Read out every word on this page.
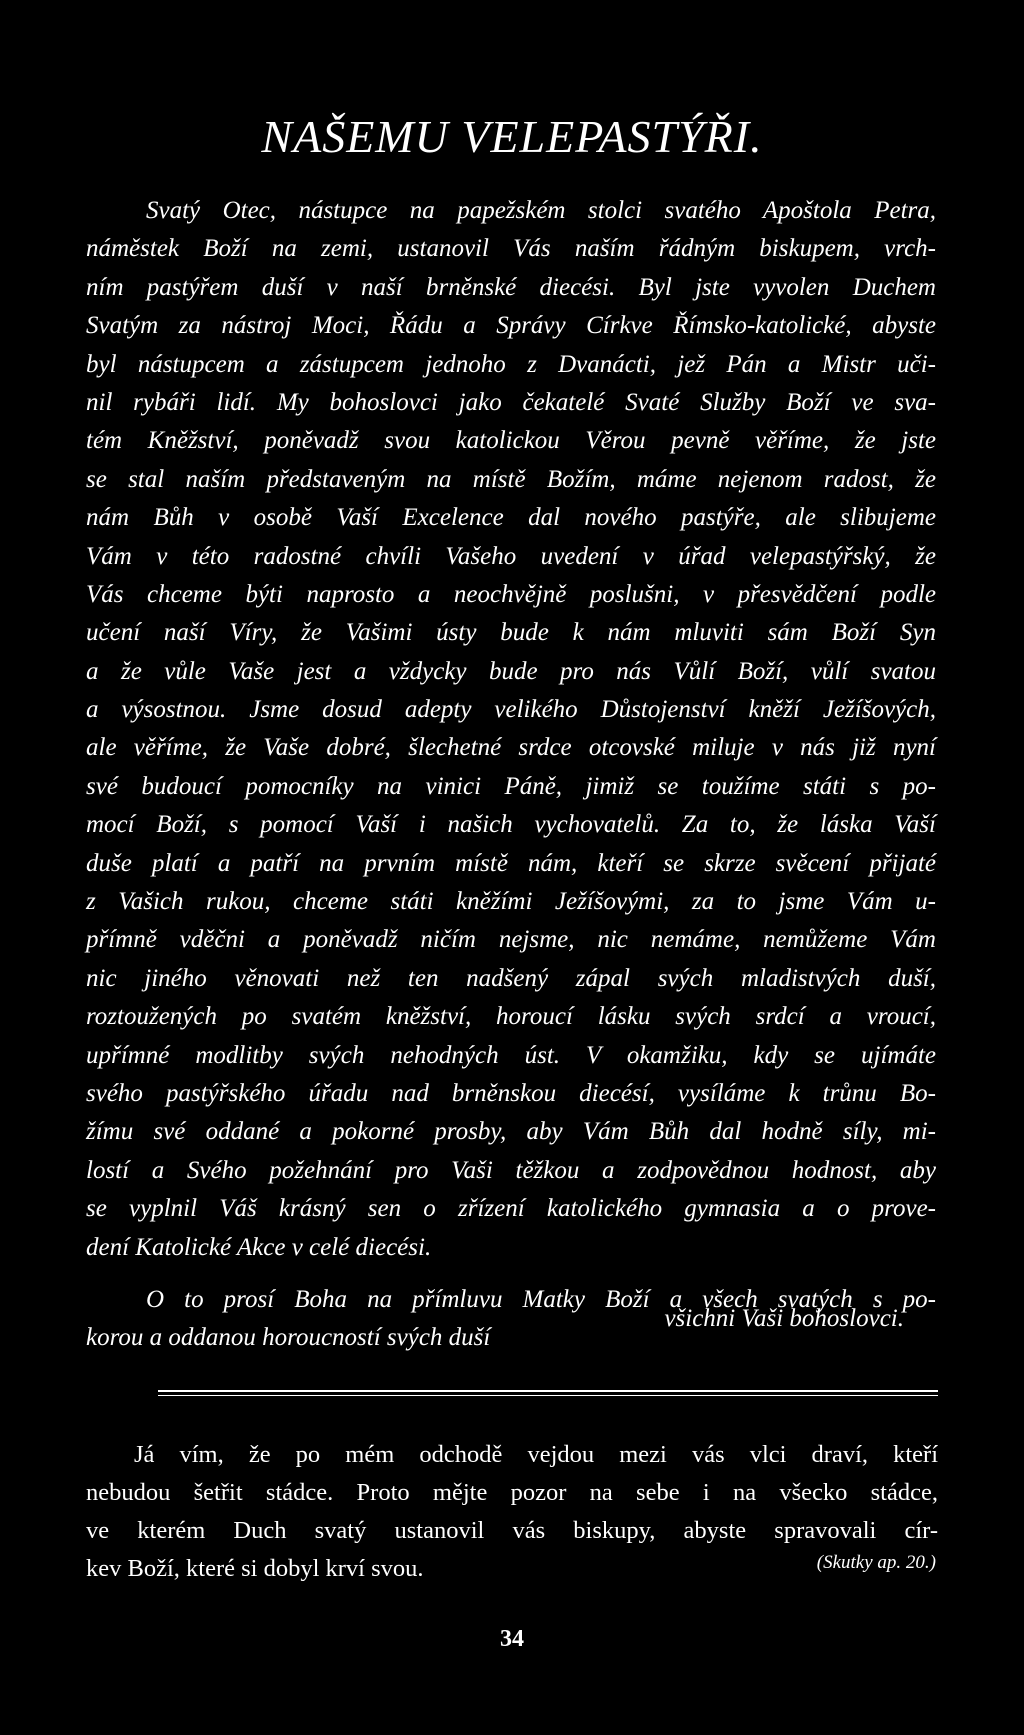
NAŠEMU VELEPASTÝŘI.
Svatý Otec, nástupce na papežském stolci svatého Apoštola Petra,
náměstek Boží na zemi, ustanovil Vás naším řádným biskupem, vrch-
ním pastýřem duší v naší brněnské diecési. Byl jste vyvolen Duchem
Svatým za nástroj Moci, Řádu a Správy Církve Římsko-katolické, abyste
byl nástupcem a zástupcem jednoho z Dvanácti, jež Pán a Mistr uči-
nil rybáři lidí. My bohoslovci jako čekatelé Svaté Služby Boží ve sva-
tém Kněžství, poněvadž svou katolickou Věrou pevně věříme, že jste
se stal naším představeným na místě Božím, máme nejenom radost, že
nám Bůh v osobě Vaší Excelence dal nového pastýře, ale slibujeme
Vám v této radostné chvíli Vašeho uvedení v úřad velepastýřský, že
Vás chceme býti naprosto a neochvějně poslušni, v přesvědčení podle
učení naší Víry, že Vašimi ústy bude k nám mluviti sám Boží Syn
a že vůle Vaše jest a vždycky bude pro nás Vůlí Boží, vůlí svatou
a výsostnou. Jsme dosud adepty velikého Důstojenství kněží Ježíšových,
ale věříme, že Vaše dobré, šlechetné srdce otcovské miluje v nás již nyní
své budoucí pomocníky na vinici Páně, jimiž se toužíme státi s po-
mocí Boží, s pomocí Vaší i našich vychovatelů. Za to, že láska Vaší
duše platí a patří na prvním místě nám, kteří se skrze svěcení přijaté
z Vašich rukou, chceme státi kněžími Ježíšovými, za to jsme Vám u-
přímně vděčni a poněvadž ničím nejsme, nic nemáme, nemůžeme Vám
nic jiného věnovati než ten nadšený zápal svých mladistvých duší,
roztoužených po svatém kněžství, horoucí lásku svých srdcí a vroucí,
upřímné modlitby svých nehodných úst. V okamžiku, kdy se ujímáte
svého pastýřského úřadu nad brněnskou diecésí, vysíláme k trůnu Bo-
žímu své oddané a pokorné prosby, aby Vám Bůh dal hodně síly, mi-
lostí a Svého požehnání pro Vaši těžkou a zodpovědnou hodnost, aby
se vyplnil Váš krásný sen o zřízení katolického gymnasia a o prove-
dení Katolické Akce v celé diecési.
O to prosí Boha na přímluvu Matky Boží a všech svatých s po-
korou a oddanou horoucností svých duší
všichni Vaši bohoslovci.
Já vím, že po mém odchodě vejdou mezi vás vlci draví, kteří
nebudou šetřit stádce. Proto mějte pozor na sebe i na všecko stádce,
ve kterém Duch svatý ustanovil vás biskupy, abyste spravovali cír-
kev Boží, které si dobyl krví svou.	(Skutky ap. 20.)
34
